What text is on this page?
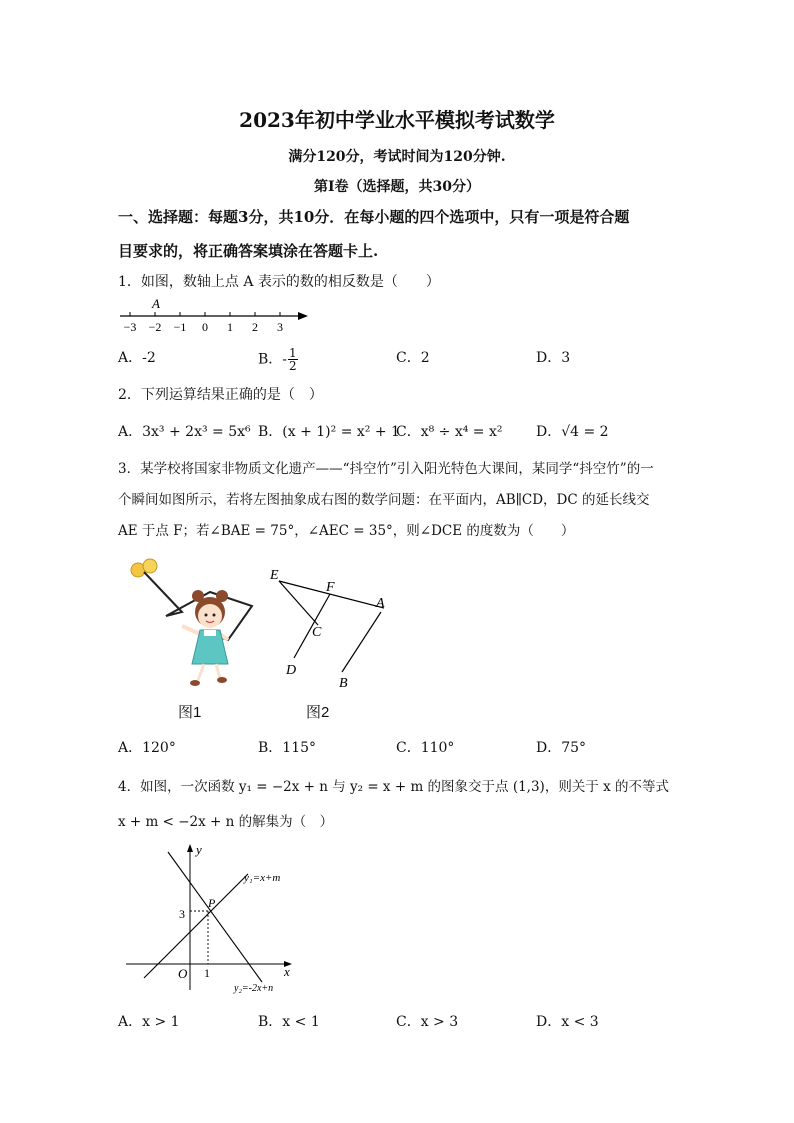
2023年初中学业水平模拟考试数学
满分120分，考试时间为120分钟.
第Ⅰ卷（选择题，共30分）
一、选择题：每题3分，共10分．在每小题的四个选项中，只有一项是符合题
目要求的，将正确答案填涂在答题卡上.
1．如图，数轴上点 A 表示的数的相反数是（　　）
−3 −2 −1 0 1 2 3
A
A．-2	B．- $\frac{1}{2}$	C．2	D．3
2．下列运算结果正确的是（　）
A．3x³ + 2x³ = 5x⁶ B．(x + 1)² = x² + 1
C．x⁸ ÷ x⁴ = x² D．√4 = 2
3．某学校将国家非物质文化遗产——“抖空竹”引入阳光特色大课间，某同学“抖空竹”的一
个瞬间如图所示，若将左图抽象成右图的数学问题：在平面内，AB∥CD，DC 的延长线交
AE 于点 F；若∠BAE = 75°，∠AEC = 35°，则∠DCE 的度数为（　　）
图1
E
F
A
C
D
B
图2
A．120°	B．115°	C．110°	D．75°
4．如图，一次函数 y₁ = −2x + n 与 y₂ = x + m 的图象交于点 (1,3)，则关于 x 的不等式
x + m < −2x + n 的解集为（　）
y
x
O 1
3
P
y₁=x+m
y₂=-2x+n
A．x > 1	B．x < 1	C．x > 3	D．x < 3
